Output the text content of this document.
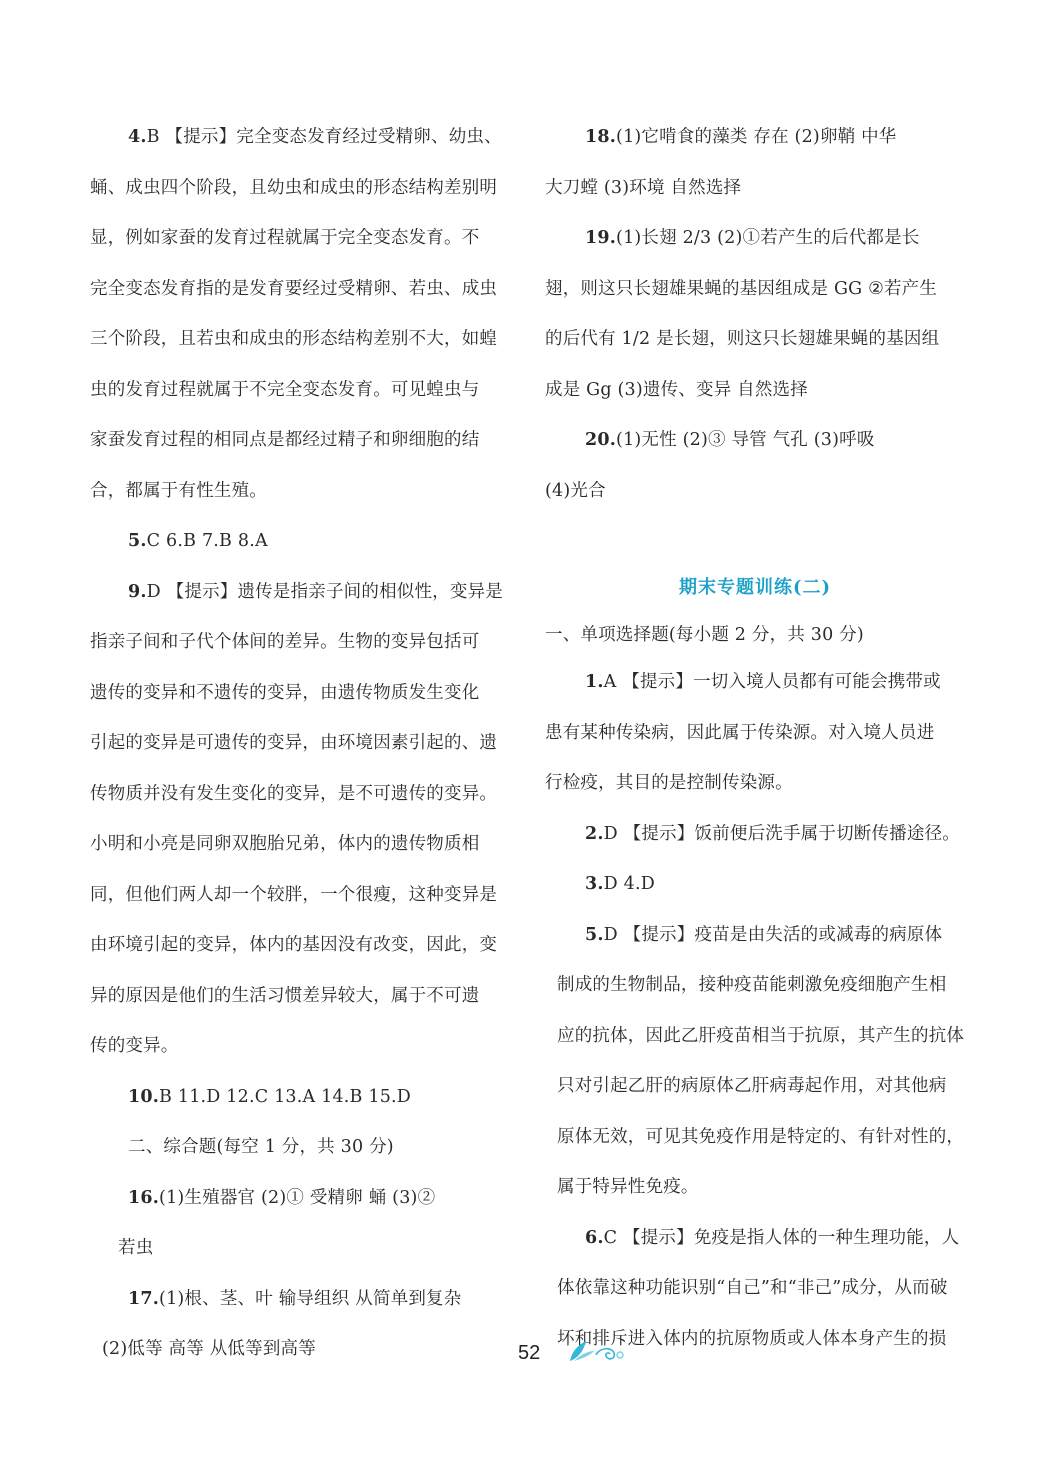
4.B 【提示】完全变态发育经过受精卵、幼虫、
蛹、成虫四个阶段，且幼虫和成虫的形态结构差别明
显，例如家蚕的发育过程就属于完全变态发育。不
完全变态发育指的是发育要经过受精卵、若虫、成虫
三个阶段，且若虫和成虫的形态结构差别不大，如蝗
虫的发育过程就属于不完全变态发育。可见蝗虫与
家蚕发育过程的相同点是都经过精子和卵细胞的结
合，都属于有性生殖。
5.C 6.B 7.B 8.A
9.D 【提示】遗传是指亲子间的相似性，变异是
指亲子间和子代个体间的差异。生物的变异包括可
遗传的变异和不遗传的变异，由遗传物质发生变化
引起的变异是可遗传的变异，由环境因素引起的、遗
传物质并没有发生变化的变异，是不可遗传的变异。
小明和小亮是同卵双胞胎兄弟，体内的遗传物质相
同，但他们两人却一个较胖，一个很瘦，这种变异是
由环境引起的变异，体内的基因没有改变，因此，变
异的原因是他们的生活习惯差异较大，属于不可遗
传的变异。
10.B 11.D 12.C 13.A 14.B 15.D
二、综合题(每空 1 分，共 30 分)
16.(1)生殖器官 (2)① 受精卵 蛹 (3)②
若虫
17.(1)根、茎、叶 输导组织 从简单到复杂
(2)低等 高等 从低等到高等
18.(1)它啃食的藻类 存在 (2)卵鞘 中华
大刀螳 (3)环境 自然选择
19.(1)长翅 2/3 (2)①若产生的后代都是长
翅，则这只长翅雄果蝇的基因组成是 GG ②若产生
的后代有 1/2 是长翅，则这只长翅雄果蝇的基因组
成是 Gg (3)遗传、变异 自然选择
20.(1)无性 (2)③ 导管 气孔 (3)呼吸
(4)光合
期末专题训练(二)
一、单项选择题(每小题 2 分，共 30 分)
1.A 【提示】一切入境人员都有可能会携带或
患有某种传染病，因此属于传染源。对入境人员进
行检疫，其目的是控制传染源。
2.D 【提示】饭前便后洗手属于切断传播途径。
3.D 4.D
5.D 【提示】疫苗是由失活的或减毒的病原体
制成的生物制品，接种疫苗能刺激免疫细胞产生相
应的抗体，因此乙肝疫苗相当于抗原，其产生的抗体
只对引起乙肝的病原体乙肝病毒起作用，对其他病
原体无效，可见其免疫作用是特定的、有针对性的，
属于特异性免疫。
6.C 【提示】免疫是指人体的一种生理功能，人
体依靠这种功能识别“自己”和“非己”成分，从而破
坏和排斥进入体内的抗原物质或人体本身产生的损
52
